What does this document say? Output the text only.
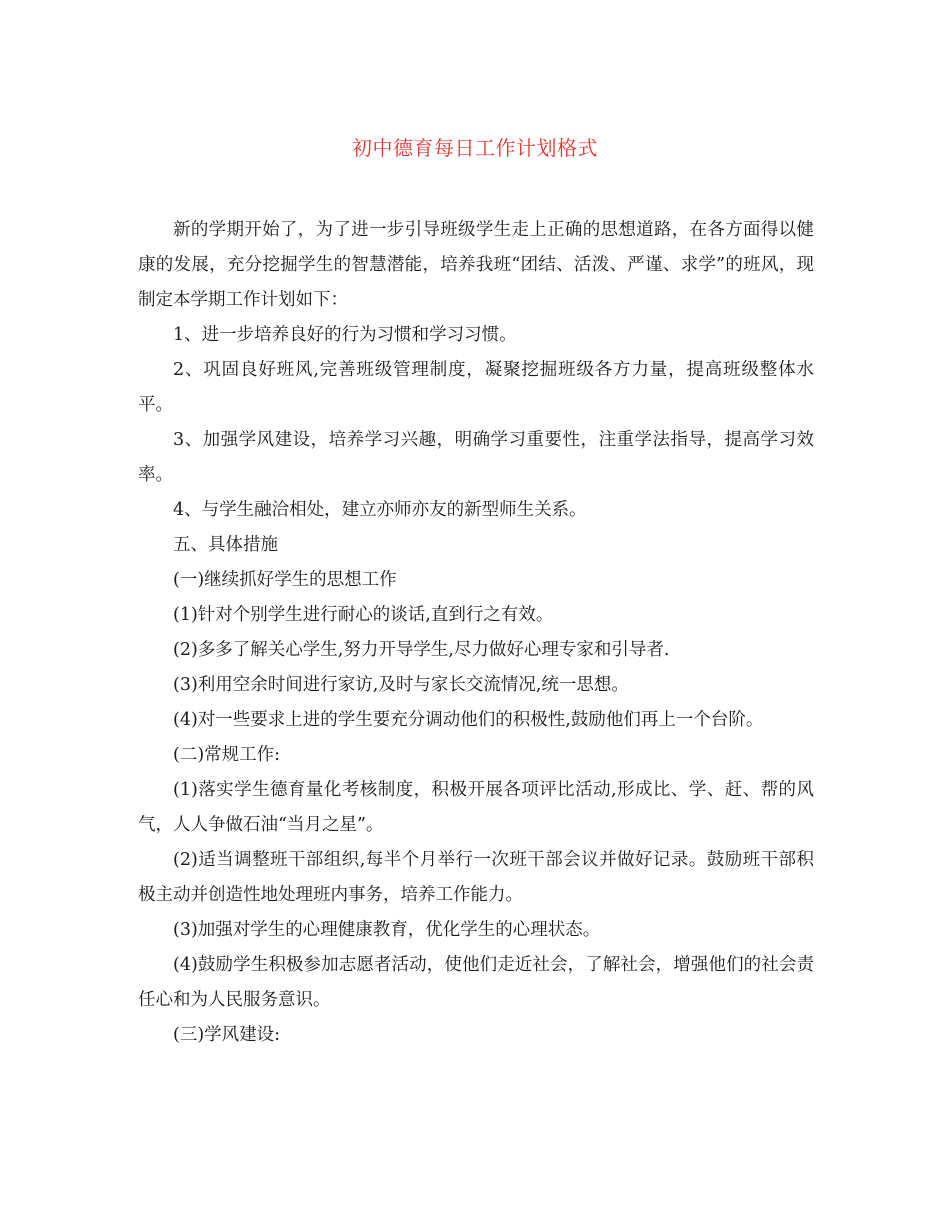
初中德育每日工作计划格式

新的学期开始了，为了进一步引导班级学生走上正确的思想道路，在各方面得以健康的发展，充分挖掘学生的智慧潜能，培养我班“团结、活泼、严谨、求学”的班风，现制定本学期工作计划如下：

1、进一步培养良好的行为习惯和学习习惯。

2、巩固良好班风,完善班级管理制度，凝聚挖掘班级各方力量，提高班级整体水平。

3、加强学风建设，培养学习兴趣，明确学习重要性，注重学法指导，提高学习效率。

4、与学生融洽相处，建立亦师亦友的新型师生关系。

五、具体措施

(一)继续抓好学生的思想工作

(1)针对个别学生进行耐心的谈话,直到行之有效。

(2)多多了解关心学生,努力开导学生,尽力做好心理专家和引导者.

(3)利用空余时间进行家访,及时与家长交流情况,统一思想。

(4)对一些要求上进的学生要充分调动他们的积极性,鼓励他们再上一个台阶。

(二)常规工作:

(1)落实学生德育量化考核制度，积极开展各项评比活动,形成比、学、赶、帮的风气，人人争做石油“当月之星”。

(2)适当调整班干部组织,每半个月举行一次班干部会议并做好记录。鼓励班干部积极主动并创造性地处理班内事务，培养工作能力。

(3)加强对学生的心理健康教育，优化学生的心理状态。

(4)鼓励学生积极参加志愿者活动，使他们走近社会，了解社会，增强他们的社会责任心和为人民服务意识。

(三)学风建设:
